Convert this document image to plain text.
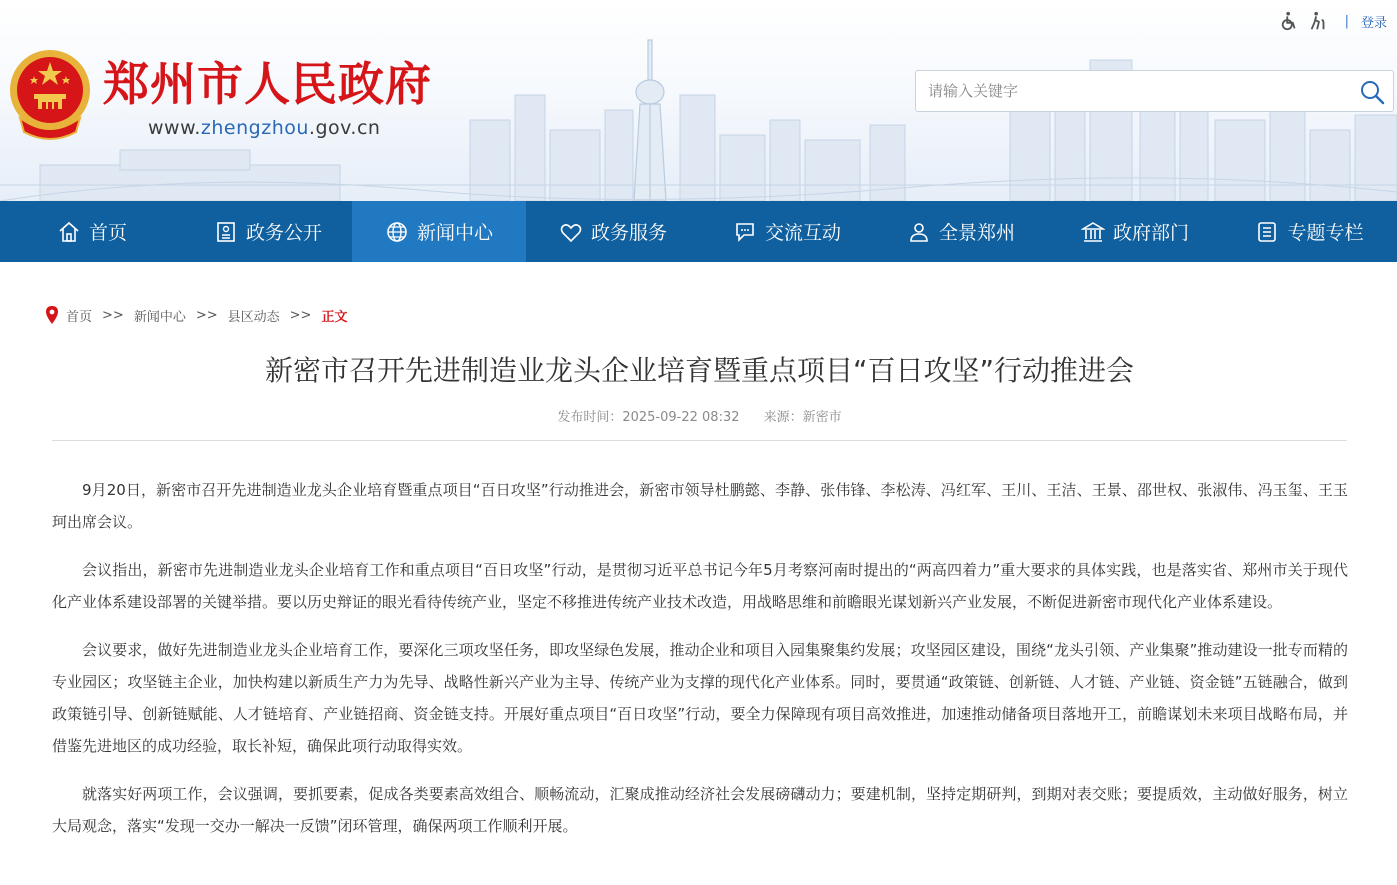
| 登录
郑州市人民政府
www.zhengzhou.gov.cn
请输入关键字
首页	政务公开	新闻中心	政务服务	交流互动	全景郑州	政府部门	专题专栏
首页 >> 新闻中心 >> 县区动态 >> 正文
新密市召开先进制造业龙头企业培育暨重点项目“百日攻坚”行动推进会
发布时间：2025-09-22 08:32 来源：新密市

9月20日，新密市召开先进制造业龙头企业培育暨重点项目“百日攻坚”行动推进会，新密市领导杜鹏懿、李静、张伟锋、李松涛、冯红军、王川、王洁、王景、邵世权、张淑伟、冯玉玺、王玉珂出席会议。

会议指出，新密市先进制造业龙头企业培育工作和重点项目“百日攻坚”行动，是贯彻习近平总书记今年5月考察河南时提出的“两高四着力”重大要求的具体实践，也是落实省、郑州市关于现代化产业体系建设部署的关键举措。要以历史辩证的眼光看待传统产业，坚定不移推进传统产业技术改造，用战略思维和前瞻眼光谋划新兴产业发展，不断促进新密市现代化产业体系建设。

会议要求，做好先进制造业龙头企业培育工作，要深化三项攻坚任务，即攻坚绿色发展，推动企业和项目入园集聚集约发展；攻坚园区建设，围绕“龙头引领、产业集聚”推动建设一批专而精的专业园区；攻坚链主企业，加快构建以新质生产力为先导、战略性新兴产业为主导、传统产业为支撑的现代化产业体系。同时，要贯通“政策链、创新链、人才链、产业链、资金链”五链融合，做到政策链引导、创新链赋能、人才链培育、产业链招商、资金链支持。开展好重点项目“百日攻坚”行动，要全力保障现有项目高效推进，加速推动储备项目落地开工，前瞻谋划未来项目战略布局，并借鉴先进地区的成功经验，取长补短，确保此项行动取得实效。

就落实好两项工作，会议强调，要抓要素，促成各类要素高效组合、顺畅流动，汇聚成推动经济社会发展磅礴动力；要建机制，坚持定期研判，到期对表交账；要提质效，主动做好服务，树立大局观念，落实“发现一交办一解决一反馈”闭环管理，确保两项工作顺利开展。
